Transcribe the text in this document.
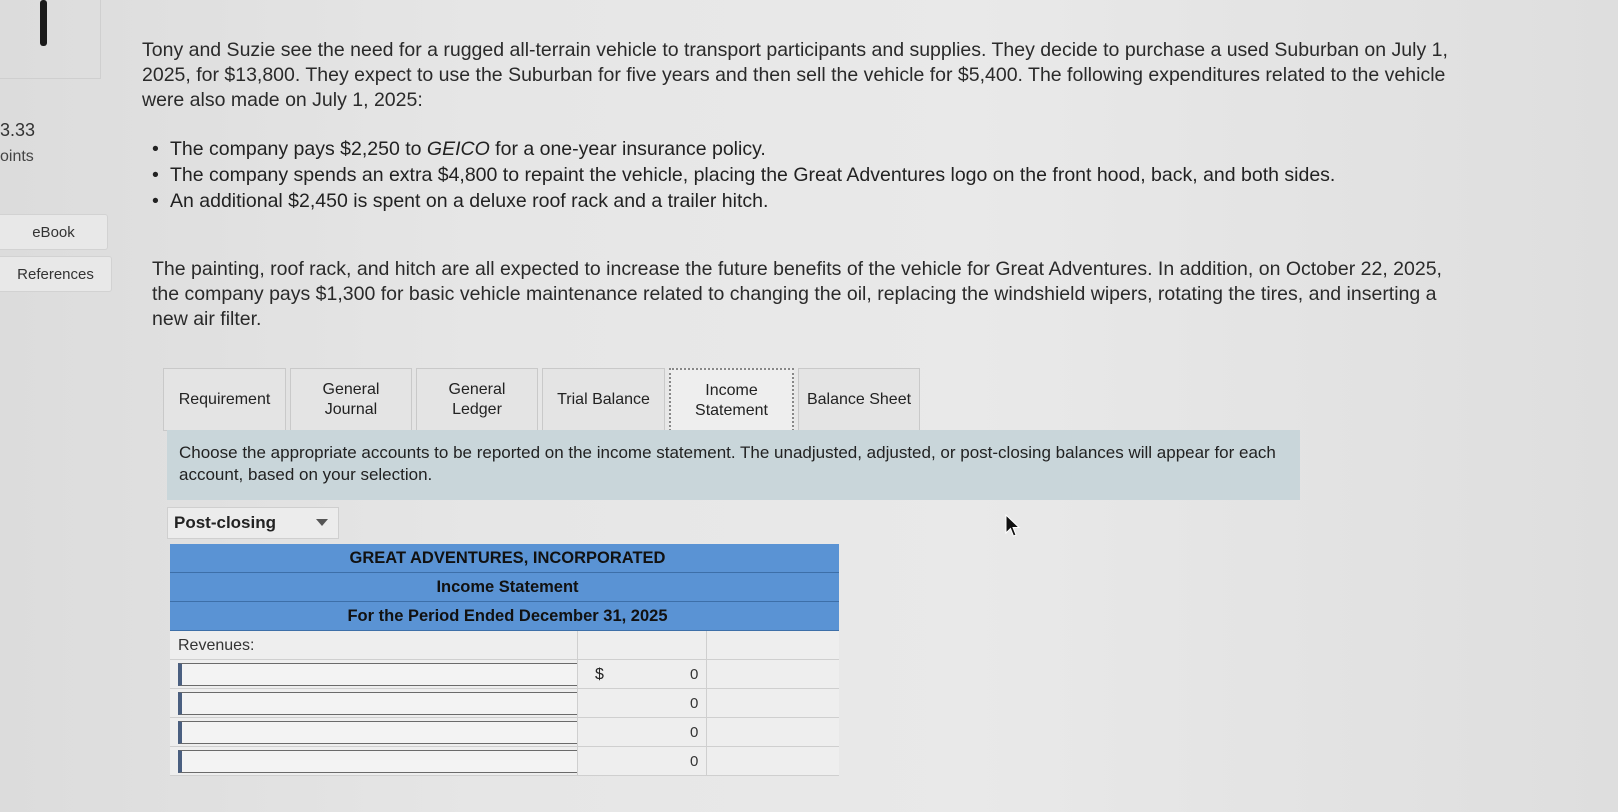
3.33
oints
eBook
References
Tony and Suzie see the need for a rugged all-terrain vehicle to transport participants and supplies. They decide to purchase a used Suburban on July 1, 2025, for $13,800. They expect to use the Suburban for five years and then sell the vehicle for $5,400. The following expenditures related to the vehicle were also made on July 1, 2025:
• The company pays $2,250 to GEICO for a one-year insurance policy.
• The company spends an extra $4,800 to repaint the vehicle, placing the Great Adventures logo on the front hood, back, and both sides.
• An additional $2,450 is spent on a deluxe roof rack and a trailer hitch.
The painting, roof rack, and hitch are all expected to increase the future benefits of the vehicle for Great Adventures. In addition, on October 22, 2025, the company pays $1,300 for basic vehicle maintenance related to changing the oil, replacing the windshield wipers, rotating the tires, and inserting a new air filter.
Requirement
General
Journal
General
Ledger
Trial Balance
Income
Statement
Balance Sheet
Choose the appropriate accounts to be reported on the income statement. The unadjusted, adjusted, or post-closing balances will appear for each account, based on your selection.
Post-closing
GREAT ADVENTURES, INCORPORATED
Income Statement
For the Period Ended December 31, 2025
Revenues:
$	0
0
0
0
